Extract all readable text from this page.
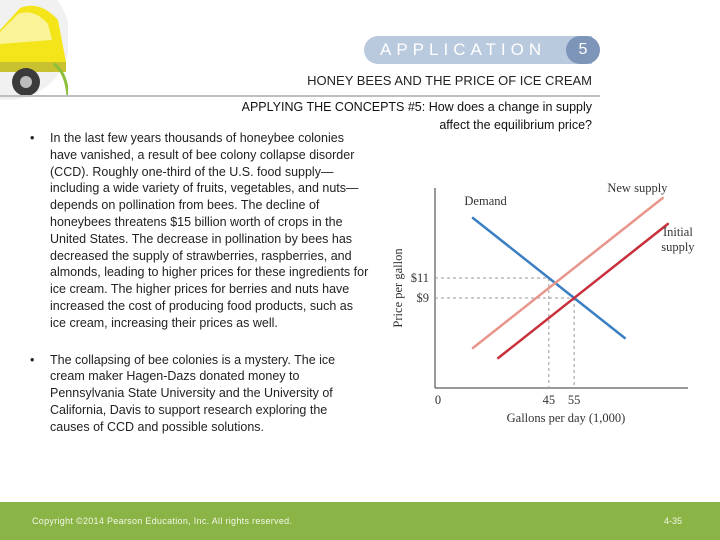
APPLICATION	5
HONEY BEES AND THE PRICE OF ICE CREAM
APPLYING THE CONCEPTS #5: How does a change in supply
affect the equilibrium price?
• In the last few years thousands of honeybee colonies have vanished, a result of bee colony collapse disorder (CCD). Roughly one-third of the U.S. food supply—including a wide variety of fruits, vegetables, and nuts—depends on pollination from bees. The decline of honeybees threatens $15 billion worth of crops in the United States. The decrease in pollination by bees has decreased the supply of strawberries, raspberries, and almonds, leading to higher prices for these ingredients for ice cream. The higher prices for berries and nuts have increased the cost of producing food products, such as ice cream, increasing their prices as well.
• The collapsing of bee colonies is a mystery. The ice cream maker Hagen-Dazs donated money to Pennsylvania State University and the University of California, Davis to support research exploring the causes of CCD and possible solutions.
Price per gallon
Gallons per day (1,000)
0
Demand
New supply
Initial
supply
$11
$9
45 55
Copyright ©2014 Pearson Education, Inc. All rights reserved.	4-35
